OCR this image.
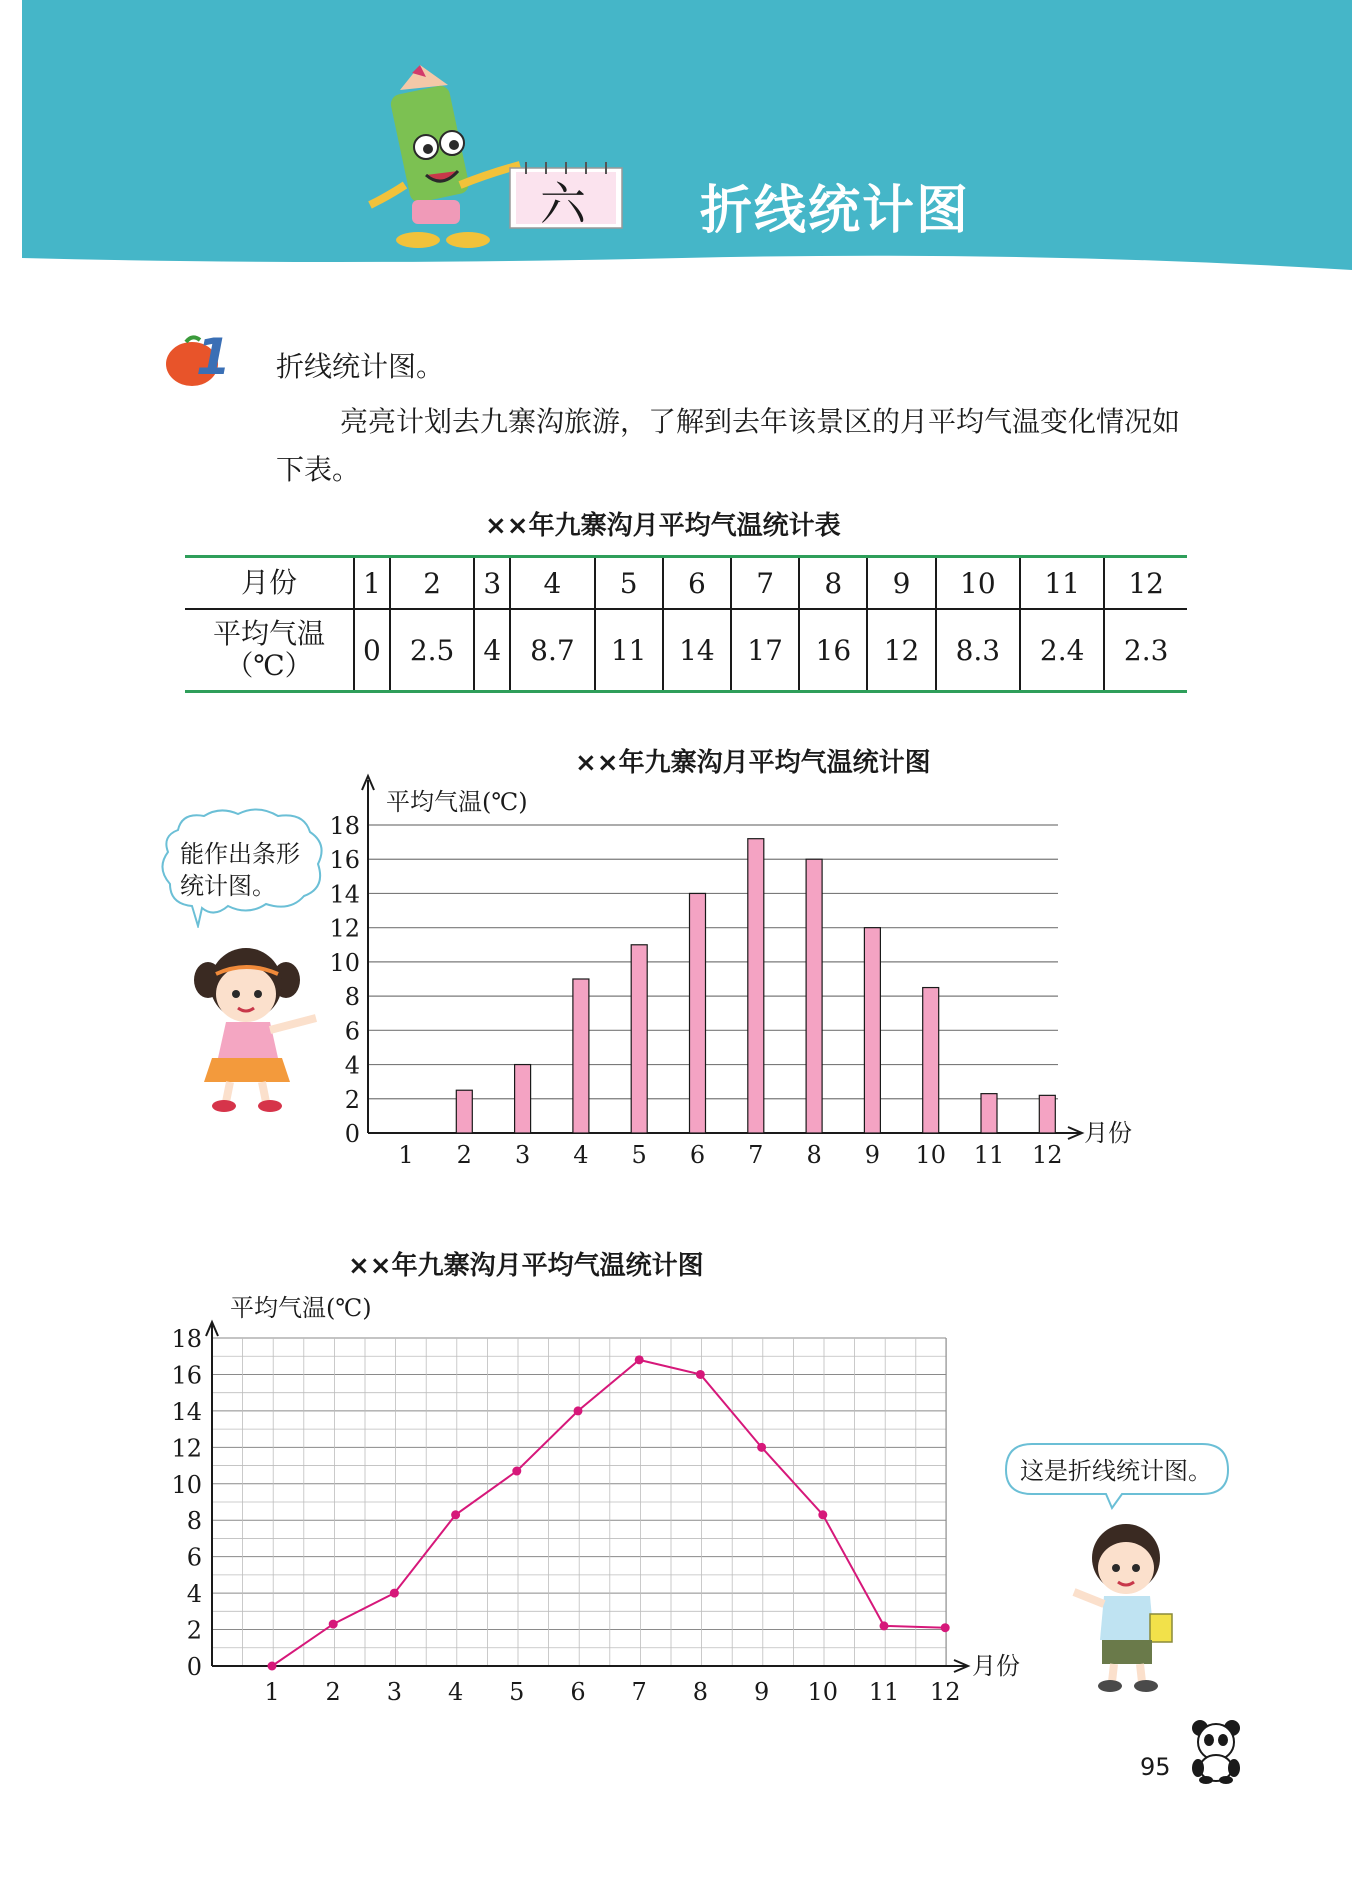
六 折线统计图
1 折线统计图。
亮亮计划去九寨沟旅游，了解到去年该景区的月平均气温变化情况如下表。
××年九寨沟月平均气温统计表
月份	1	2	3	4	5	6	7	8	9	10	11	12
平均气温
（℃）	0	2.5	4	8.7	11	14	17	16	12	8.3	2.4	2.3
××年九寨沟月平均气温统计图
0
2
4
6
8
10
12
14
16
18
平均气温(℃)
月份
1 2 3 4 5 6 7 8 9 10 11 12
能作出条形
统计图。
××年九寨沟月平均气温统计图
0
2
4
6
8
10
12
14
16
18
平均气温(℃)
月份
1 2 3 4 5 6 7 8 9 10 11 12
这是折线统计图。
95
